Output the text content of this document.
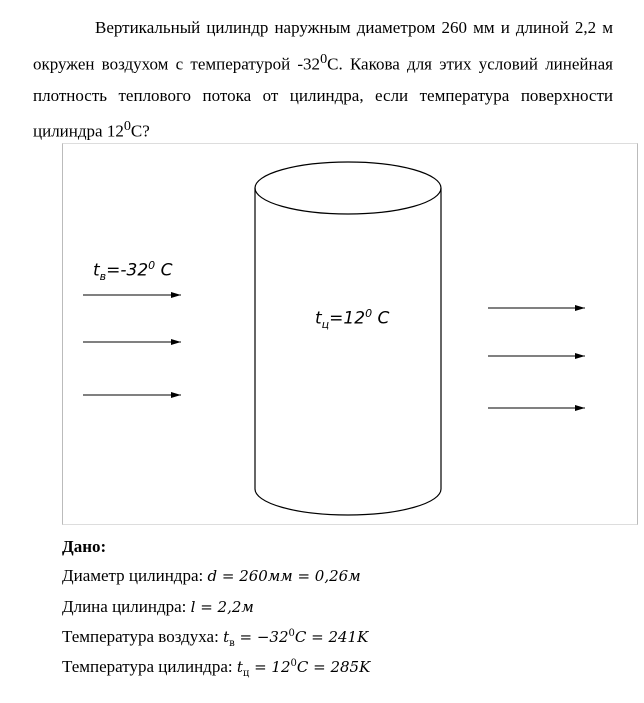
Вертикальный цилиндр наружным диаметром 260 мм и длиной 2,2 м окружен воздухом с температурой $-32^0С$. Какова для этих условий линейная плотность теплового потока от цилиндра, если температура поверхности цилиндра $12^0С$?

$t_в=-32^0$ C
$t_ц=12^0$ C
Дано:
Диаметр цилиндра: d = 260мм = 0,26м
Длина цилиндра: l = 2,2м
Температура воздуха: $t_в = -32^0C = 241K$
Температура цилиндра: $t_ц = 12^0C = 285K$
